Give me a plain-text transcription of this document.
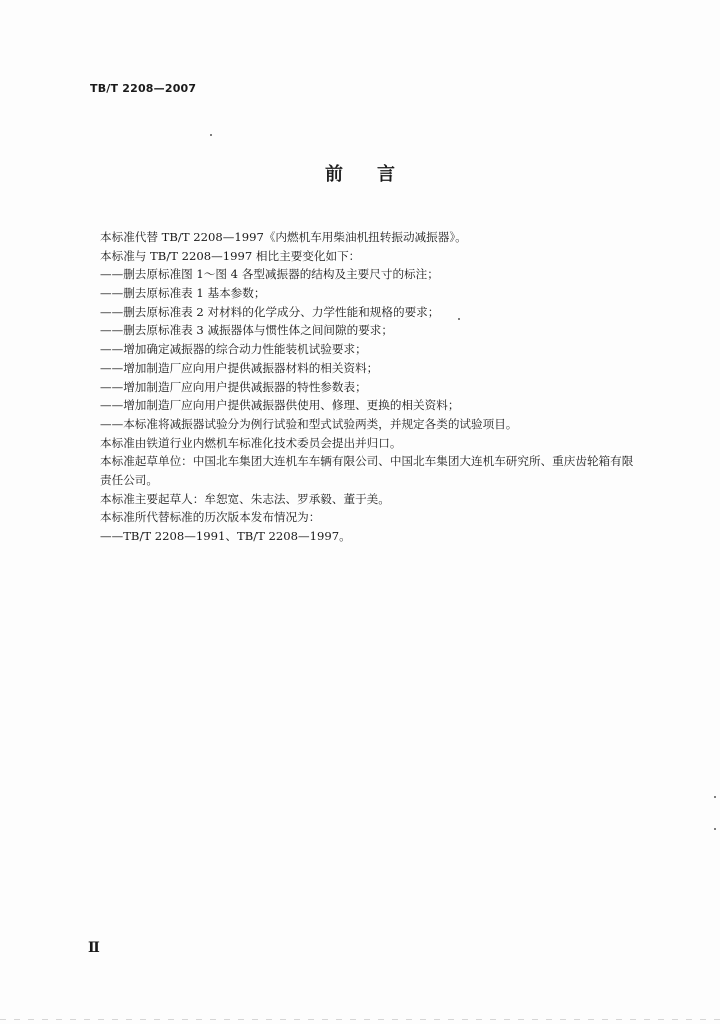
TB/T 2208—2007
前 言
本标准代替 TB/T 2208—1997《内燃机车用柴油机扭转振动减振器》。
本标准与 TB/T 2208—1997 相比主要变化如下：
——删去原标准图 1～图 4 各型减振器的结构及主要尺寸的标注；
——删去原标准表 1 基本参数；
——删去原标准表 2 对材料的化学成分、力学性能和规格的要求；
——删去原标准表 3 减振器体与惯性体之间间隙的要求；
——增加确定减振器的综合动力性能装机试验要求；
——增加制造厂应向用户提供减振器材料的相关资料；
——增加制造厂应向用户提供减振器的特性参数表；
——增加制造厂应向用户提供减振器供使用、修理、更换的相关资料；
——本标准将减振器试验分为例行试验和型式试验两类，并规定各类的试验项目。
本标准由铁道行业内燃机车标准化技术委员会提出并归口。
本标准起草单位：中国北车集团大连机车车辆有限公司、中国北车集团大连机车研究所、重庆齿轮箱有限责任公司。
本标准主要起草人：牟恕宽、朱志法、罗承毅、董于美。
本标准所代替标准的历次版本发布情况为：
——TB/T 2208—1991、TB/T 2208—1997。
Ⅱ
